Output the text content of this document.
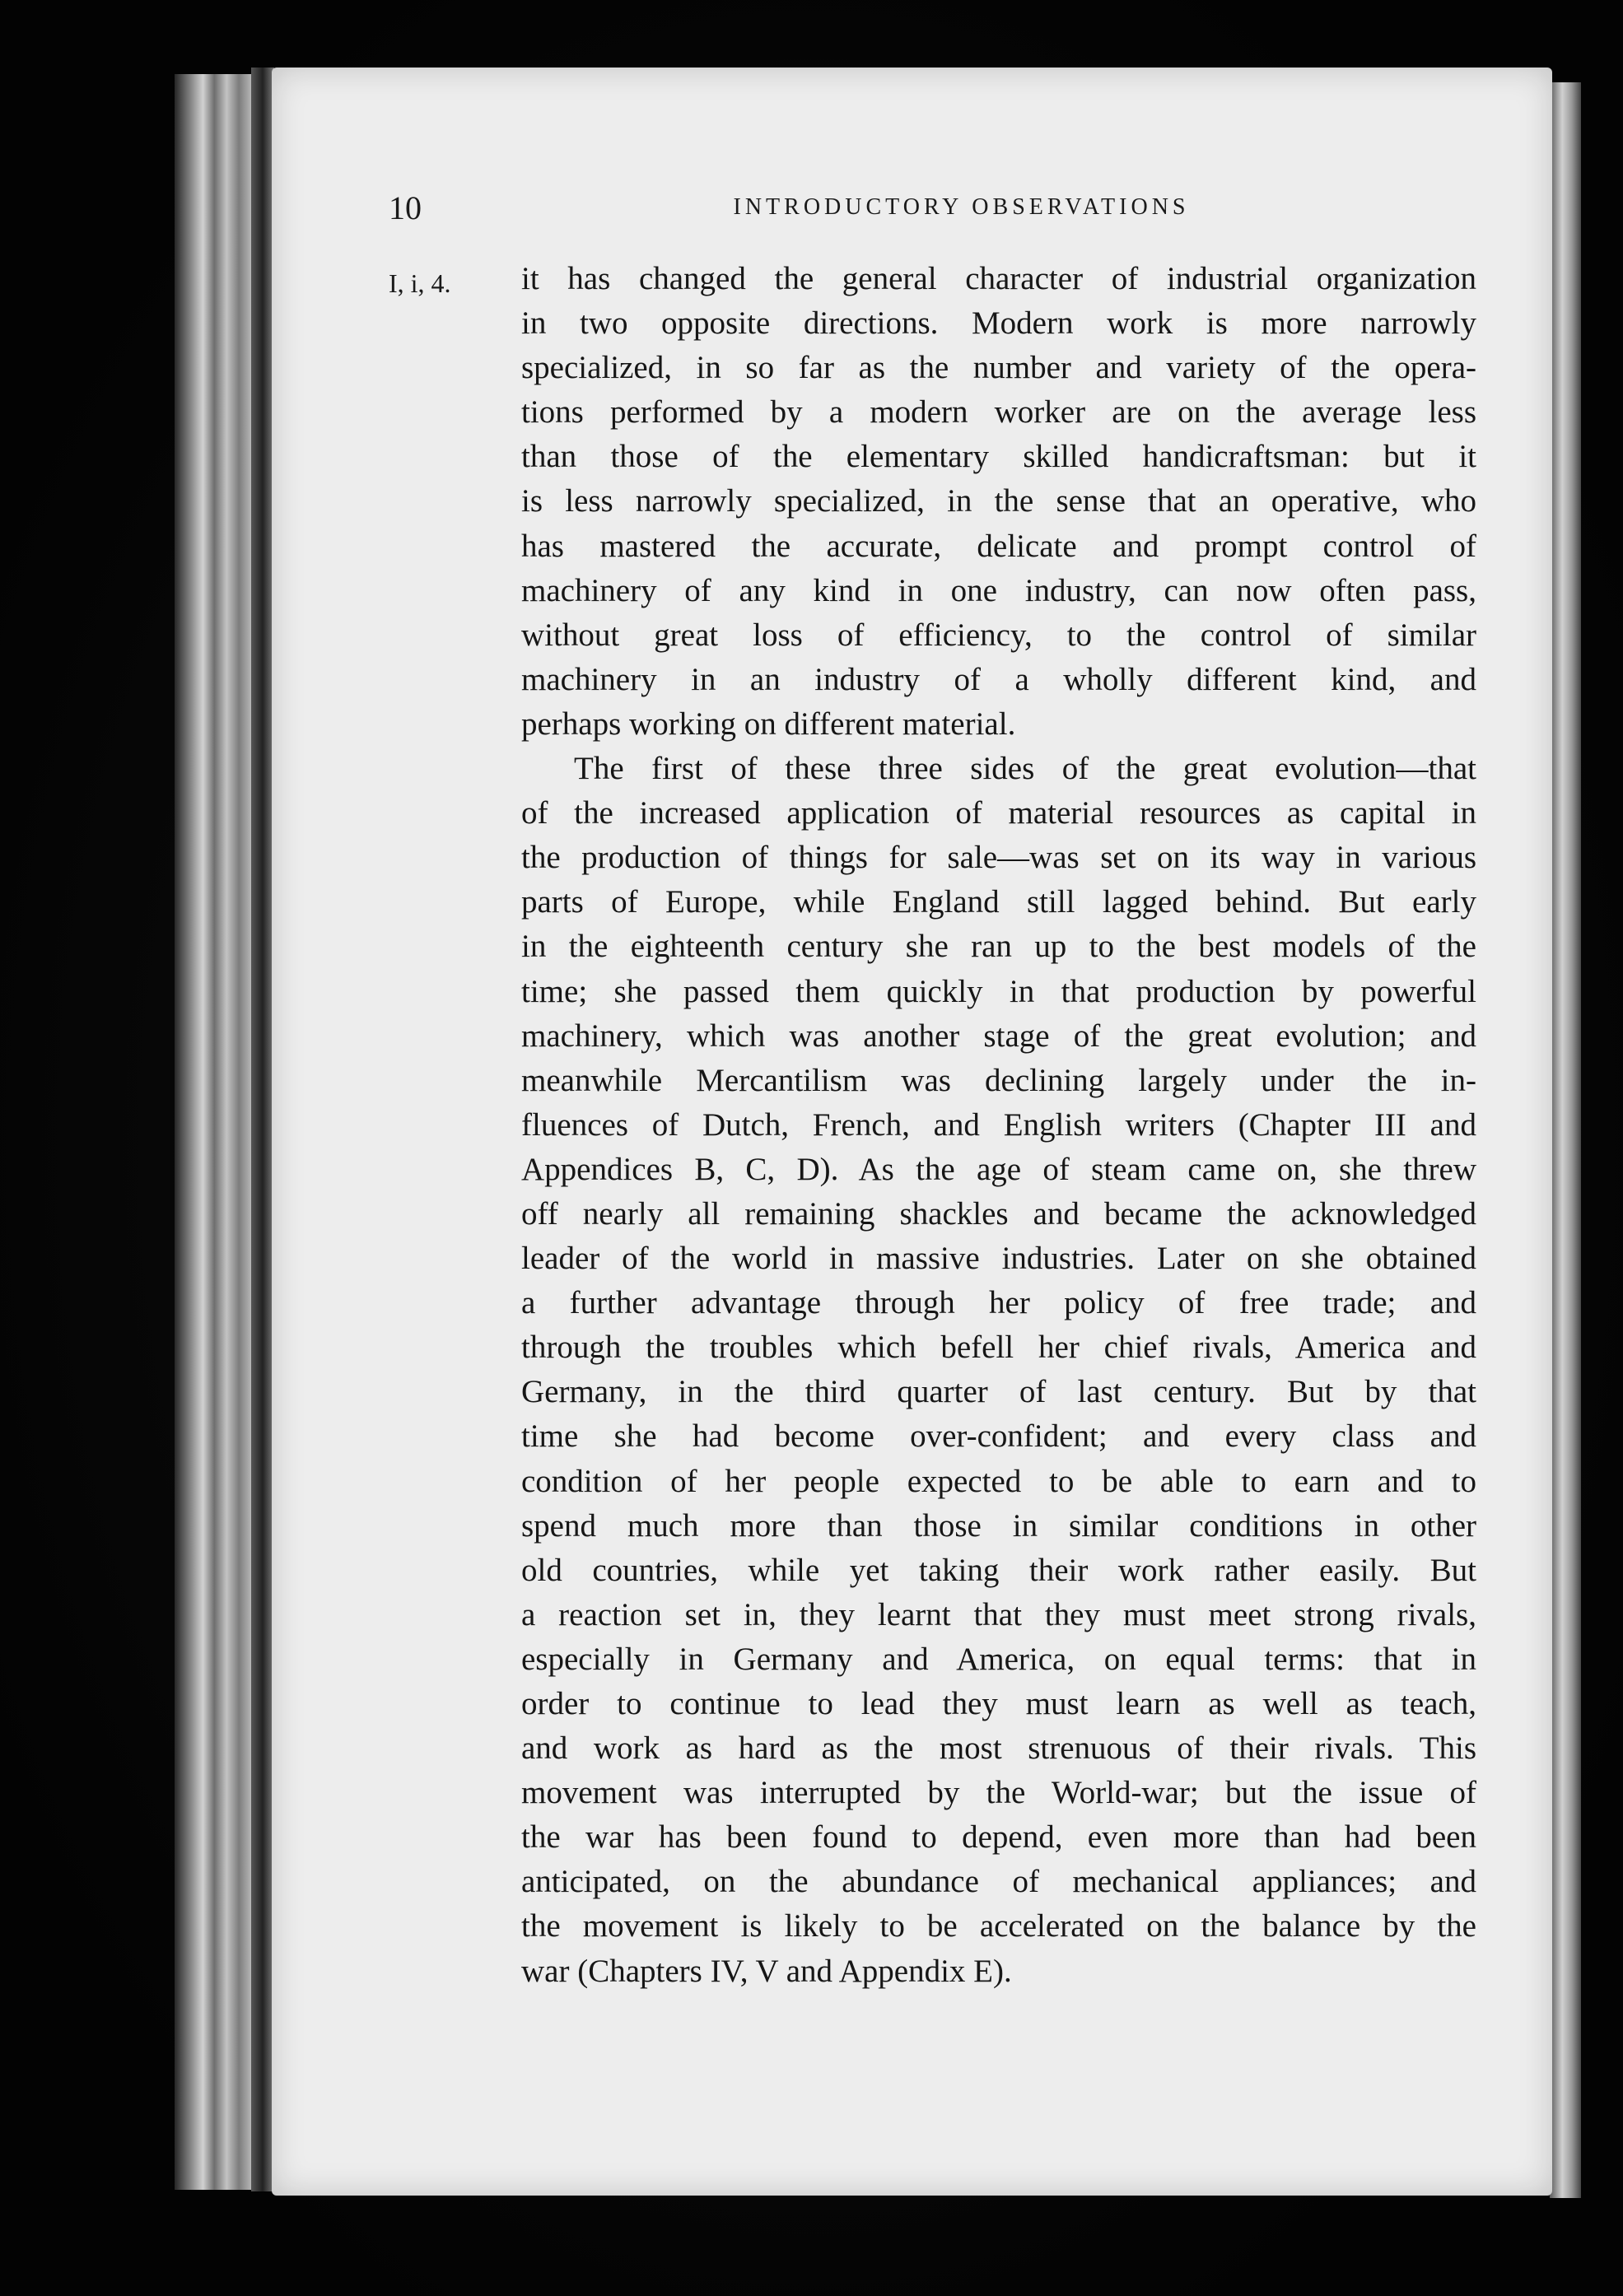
10	INTRODUCTORY OBSERVATIONS
I, i, 4. it has changed the general character of industrial organization
in two opposite directions. Modern work is more narrowly
specialized, in so far as the number and variety of the opera-
tions performed by a modern worker are on the average less
than those of the elementary skilled handicraftsman: but it
is less narrowly specialized, in the sense that an operative, who
has mastered the accurate, delicate and prompt control of
machinery of any kind in one industry, can now often pass,
without great loss of efficiency, to the control of similar
machinery in an industry of a wholly different kind, and
perhaps working on different material.
The first of these three sides of the great evolution—that
of the increased application of material resources as capital in
the production of things for sale—was set on its way in various
parts of Europe, while England still lagged behind. But early
in the eighteenth century she ran up to the best models of the
time; she passed them quickly in that production by powerful
machinery, which was another stage of the great evolution; and
meanwhile Mercantilism was declining largely under the in-
fluences of Dutch, French, and English writers (Chapter III and
Appendices B, C, D). As the age of steam came on, she threw
off nearly all remaining shackles and became the acknowledged
leader of the world in massive industries. Later on she obtained
a further advantage through her policy of free trade; and
through the troubles which befell her chief rivals, America and
Germany, in the third quarter of last century. But by that
time she had become over-confident; and every class and
condition of her people expected to be able to earn and to
spend much more than those in similar conditions in other
old countries, while yet taking their work rather easily. But
a reaction set in, they learnt that they must meet strong rivals,
especially in Germany and America, on equal terms: that in
order to continue to lead they must learn as well as teach,
and work as hard as the most strenuous of their rivals. This
movement was interrupted by the World-war; but the issue of
the war has been found to depend, even more than had been
anticipated, on the abundance of mechanical appliances; and
the movement is likely to be accelerated on the balance by the
war (Chapters IV, V and Appendix E).
